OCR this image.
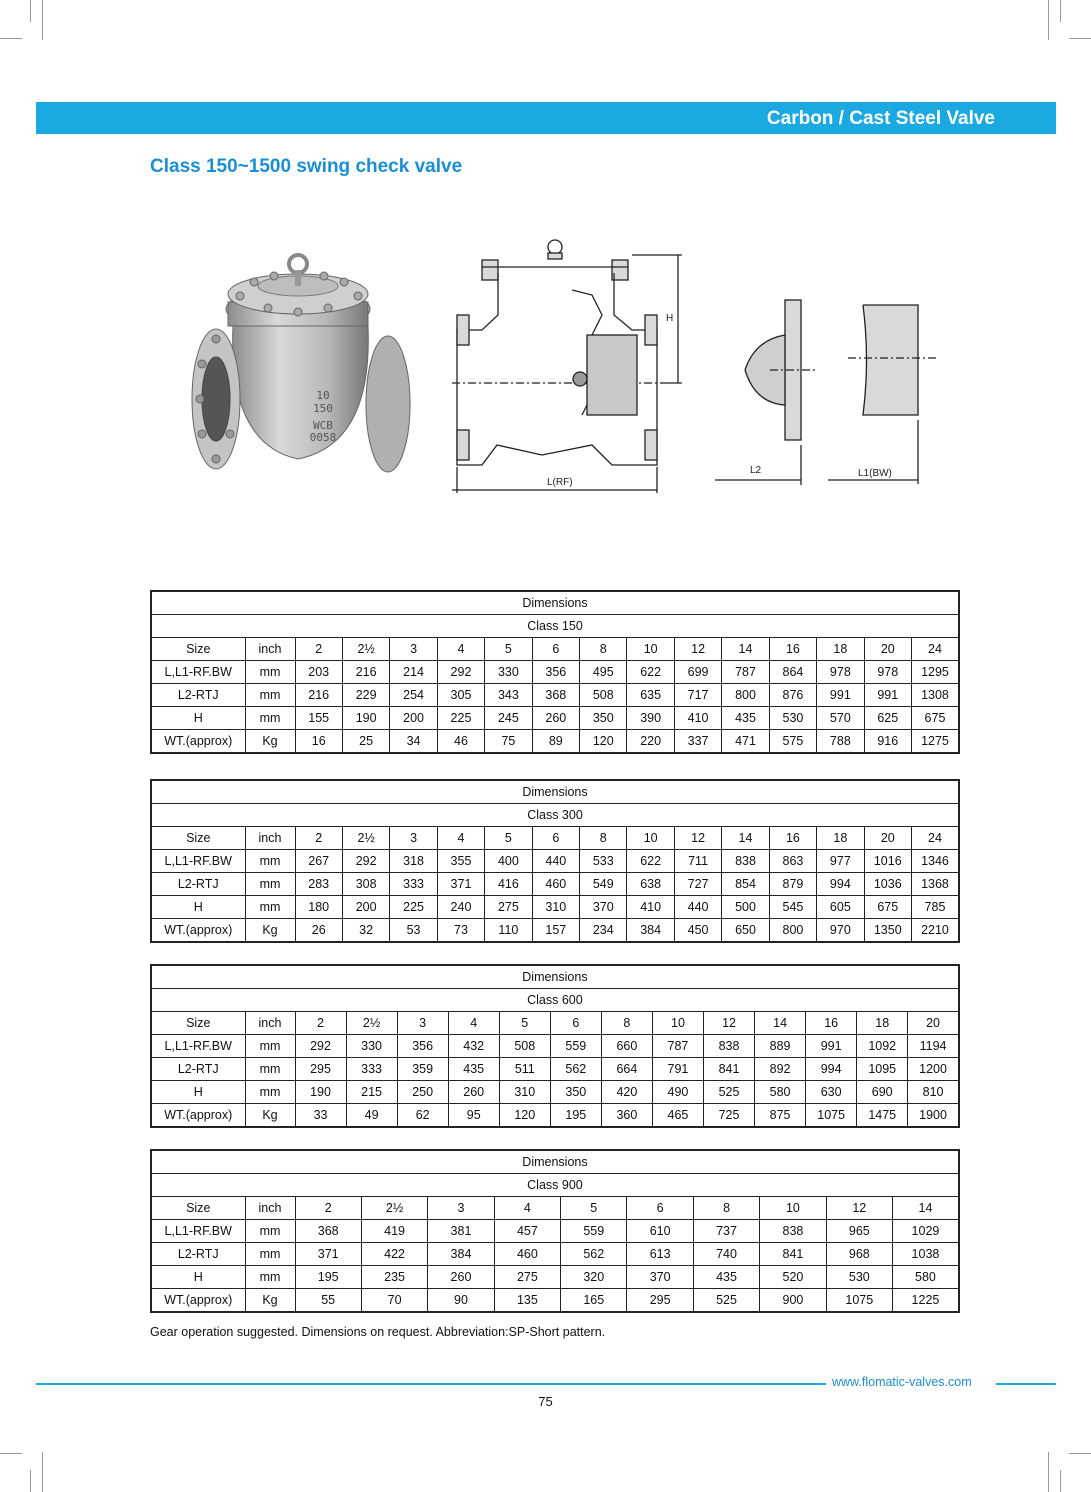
Carbon / Cast Steel Valve
Class 150~1500 swing check valve
10
150
WCB
0058
L(RF)
H
L2	L1(BW)
Dimensions															
Class 150															
Size	inch	2	2½	3	4	5	6	8	10	12	14	16	18	20	24
L,L1-RF.BW	mm	203	216	214	292	330	356	495	622	699	787	864	978	978	1295
L2-RTJ	mm	216	229	254	305	343	368	508	635	717	800	876	991	991	1308
H	mm	155	190	200	225	245	260	350	390	410	435	530	570	625	675
WT.(approx)	Kg	16	25	34	46	75	89	120	220	337	471	575	788	916	1275
Dimensions															
Class 300															
Size	inch	2	2½	3	4	5	6	8	10	12	14	16	18	20	24
L,L1-RF.BW	mm	267	292	318	355	400	440	533	622	711	838	863	977	1016	1346
L2-RTJ	mm	283	308	333	371	416	460	549	638	727	854	879	994	1036	1368
H	mm	180	200	225	240	275	310	370	410	440	500	545	605	675	785
WT.(approx)	Kg	26	32	53	73	110	157	234	384	450	650	800	970	1350	2210
Dimensions														
Class 600														
Size	inch	2	2½	3	4	5	6	8	10	12	14	16	18	20
L,L1-RF.BW	mm	292	330	356	432	508	559	660	787	838	889	991	1092	1194
L2-RTJ	mm	295	333	359	435	511	562	664	791	841	892	994	1095	1200
H	mm	190	215	250	260	310	350	420	490	525	580	630	690	810
WT.(approx)	Kg	33	49	62	95	120	195	360	465	725	875	1075	1475	1900
Dimensions											
Class 900											
Size	inch	2	2½	3	4	5	6	8	10	12	14
L,L1-RF.BW	mm	368	419	381	457	559	610	737	838	965	1029
L2-RTJ	mm	371	422	384	460	562	613	740	841	968	1038
H	mm	195	235	260	275	320	370	435	520	530	580
WT.(approx)	Kg	55	70	90	135	165	295	525	900	1075	1225
Gear operation suggested. Dimensions on request. Abbreviation:SP-Short pattern.
www.flomatic-valves.com
75
